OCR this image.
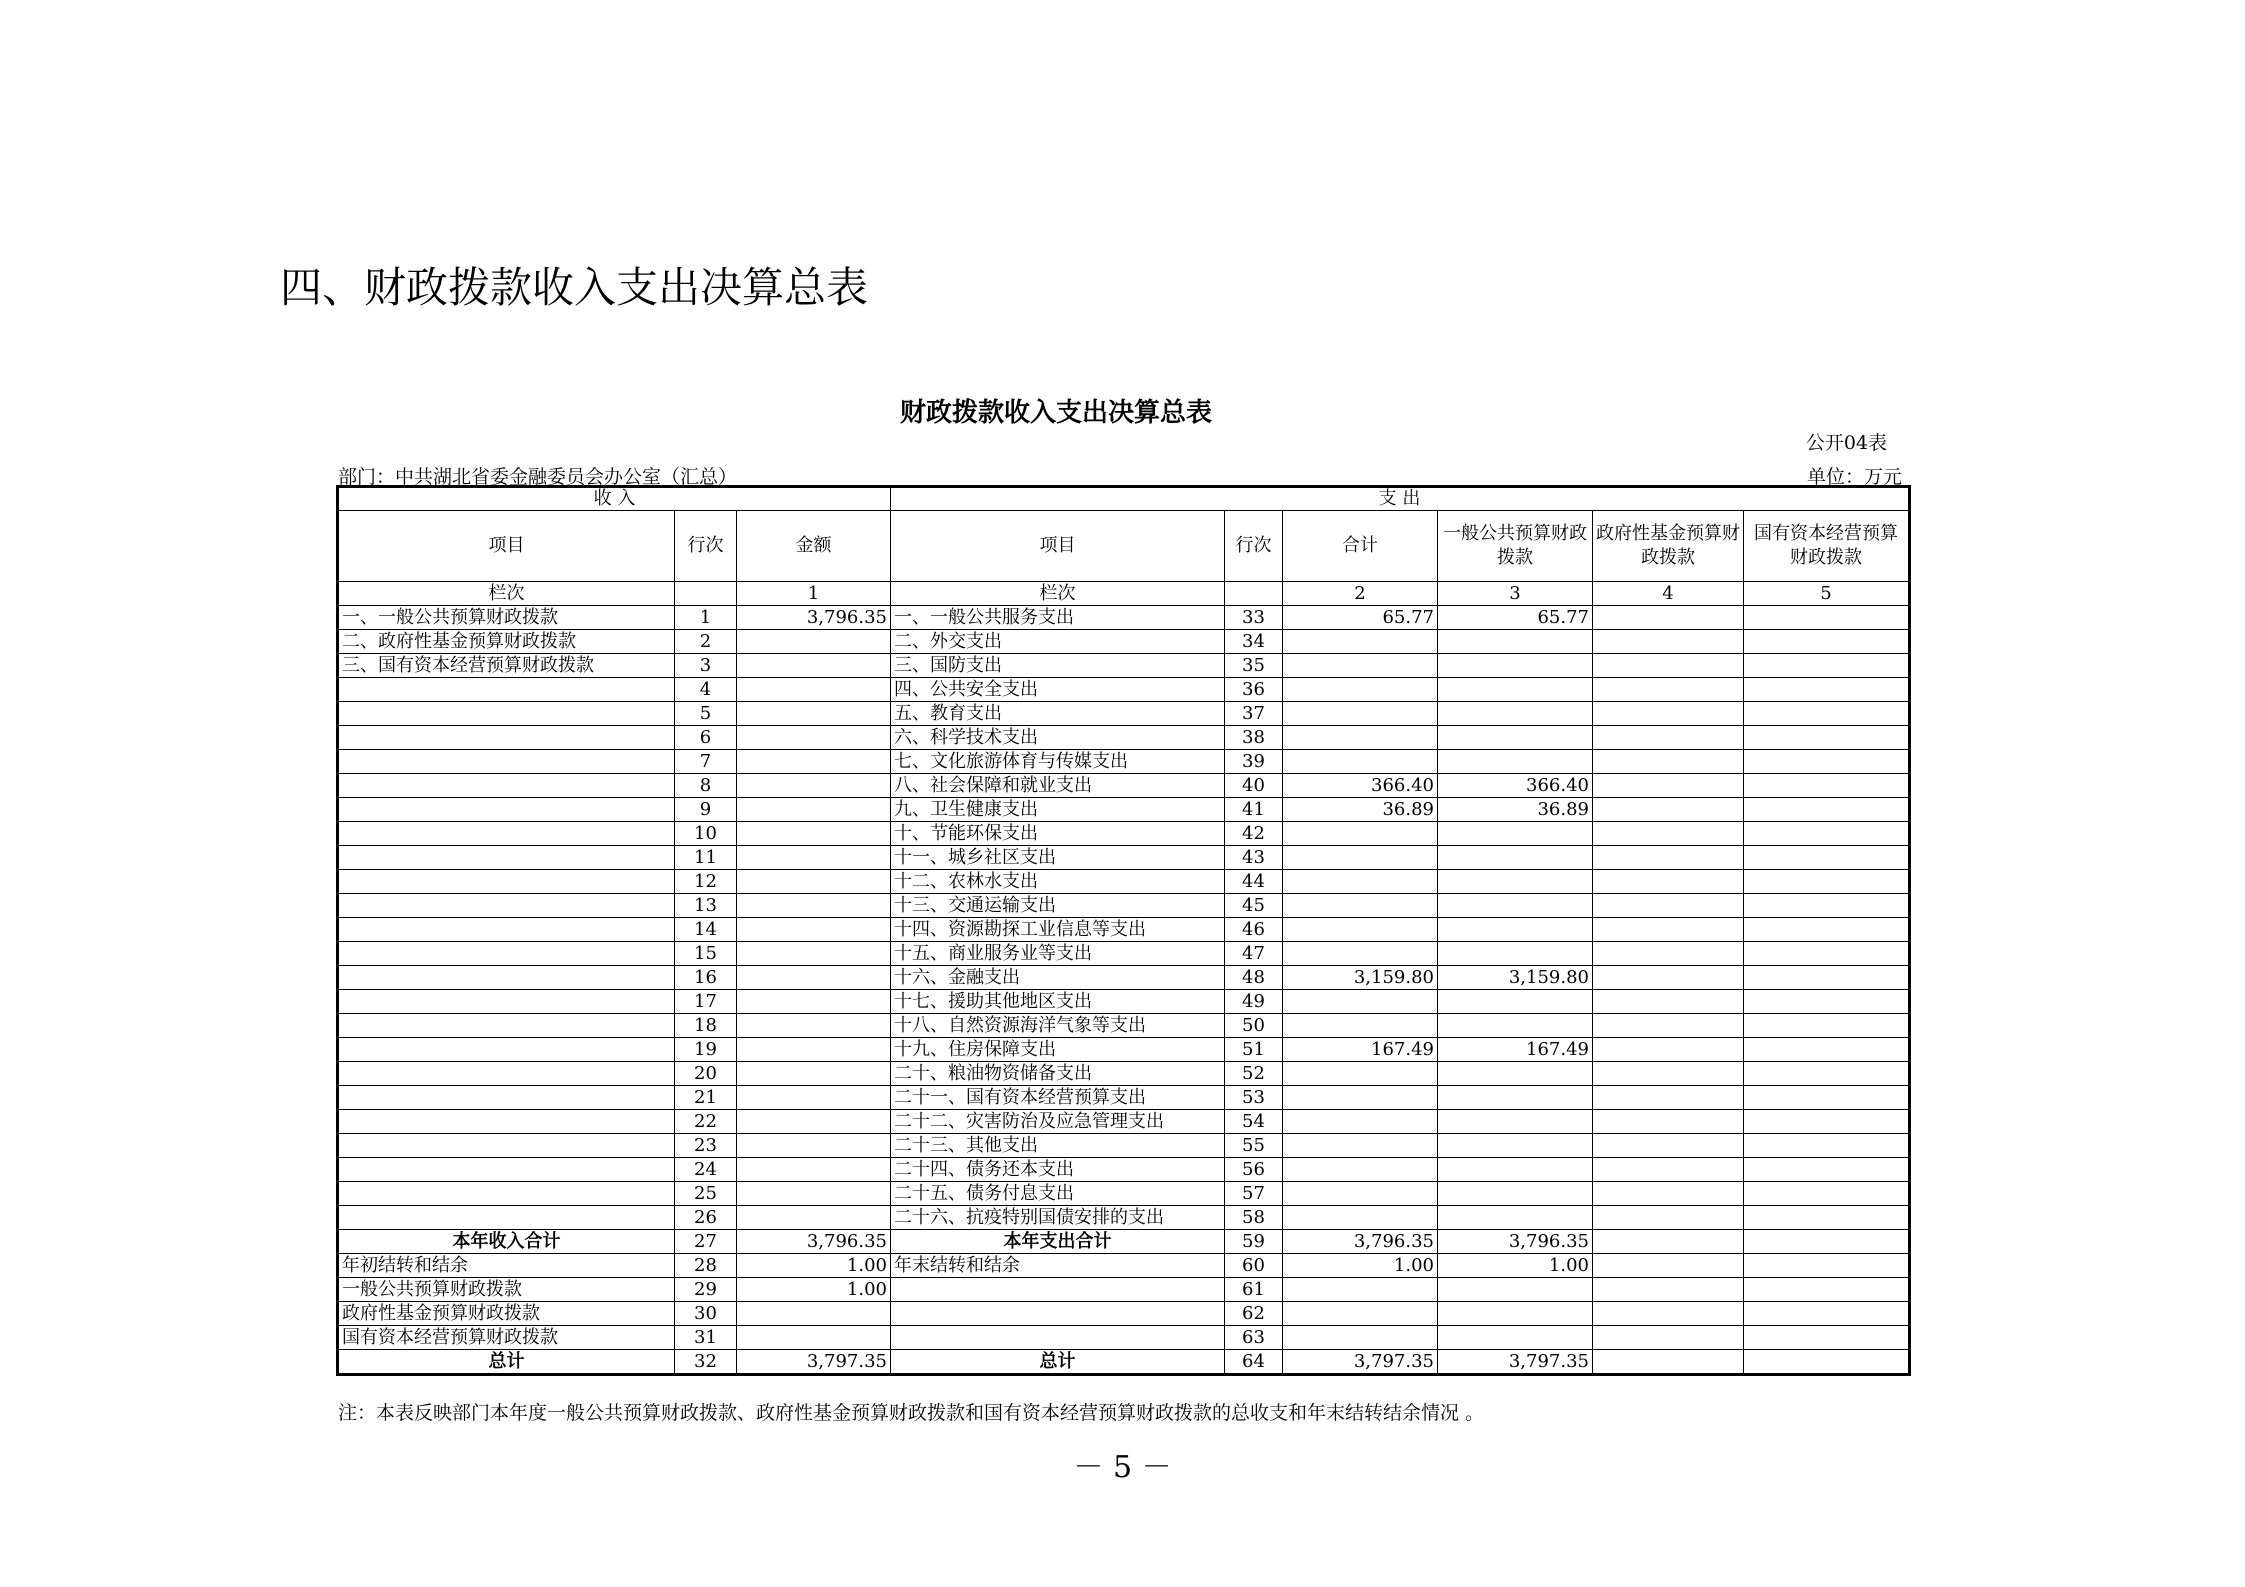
四、财政拨款收入支出决算总表
财政拨款收入支出决算总表
公开04表
部门：中共湖北省委金融委员会办公室（汇总）	单位：万元
收 入			支 出					
项目	行次	金额	项目	行次	合计	一般公共预算财政拨款	政府性基金预算财政拨款	国有资本经营预算财政拨款
栏次		1	栏次		2	3	4	5
一、一般公共预算财政拨款	1	3,796.35	一、一般公共服务支出	33	65.77	65.77		
二、政府性基金预算财政拨款	2		二、外交支出	34				
三、国有资本经营预算财政拨款	3		三、国防支出	35				
	4		四、公共安全支出	36				
	5		五、教育支出	37				
	6		六、科学技术支出	38				
	7		七、文化旅游体育与传媒支出	39				
	8		八、社会保障和就业支出	40	366.40	366.40		
	9		九、卫生健康支出	41	36.89	36.89		
	10		十、节能环保支出	42				
	11		十一、城乡社区支出	43				
	12		十二、农林水支出	44				
	13		十三、交通运输支出	45				
	14		十四、资源勘探工业信息等支出	46				
	15		十五、商业服务业等支出	47				
	16		十六、金融支出	48	3,159.80	3,159.80		
	17		十七、援助其他地区支出	49				
	18		十八、自然资源海洋气象等支出	50				
	19		十九、住房保障支出	51	167.49	167.49		
	20		二十、粮油物资储备支出	52				
	21		二十一、国有资本经营预算支出	53				
	22		二十二、灾害防治及应急管理支出	54				
	23		二十三、其他支出	55				
	24		二十四、债务还本支出	56				
	25		二十五、债务付息支出	57				
	26		二十六、抗疫特别国债安排的支出	58				
本年收入合计	27	3,796.35	本年支出合计	59	3,796.35	3,796.35		
年初结转和结余	28	1.00	年末结转和结余	60	1.00	1.00		
一般公共预算财政拨款	29	1.00		61				
政府性基金预算财政拨款	30			62				
国有资本经营预算财政拨款	31			63				
总计	32	3,797.35	总计	64	3,797.35	3,797.35		
注：本表反映部门本年度一般公共预算财政拨款、政府性基金预算财政拨款和国有资本经营预算财政拨款的总收支和年末结转结余情况 。
－ 5 －
